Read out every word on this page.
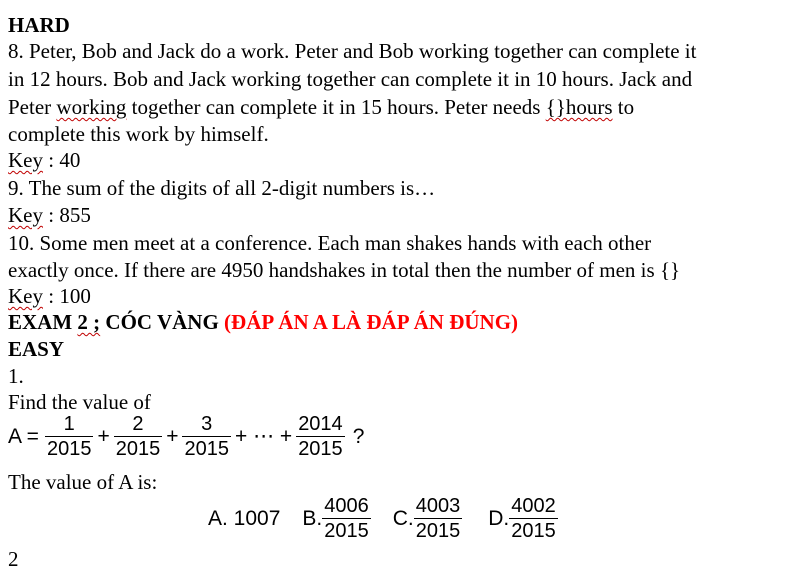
HARD
8. Peter, Bob and Jack do a work. Peter and Bob working together can complete it
in 12 hours. Bob and Jack working together can complete it in 10 hours. Jack and
Peter working together can complete it in 15 hours. Peter needs {}hours to
complete this work by himself.
Key : 40
9. The sum of the digits of all 2-digit numbers is…
Key : 855
10. Some men meet at a conference. Each man shakes hands with each other
exactly once. If there are 4950 handshakes in total then the number of men is {}
Key : 100
EXAM 2 ; CÓC VÀNG (ĐÁP ÁN A LÀ ĐÁP ÁN ĐÚNG)
EASY
1.
Find the value of
$A = \frac{1}{2015} + \frac{2}{2015} + \frac{3}{2015}$ + ⋯ + $\frac{2014}{2015}$ ?
The value of A is:
A. 1007 B. $\frac{4006}{2015} C$. $\frac{4003}{2015} D$. $\frac{4002}{2015}$
2
